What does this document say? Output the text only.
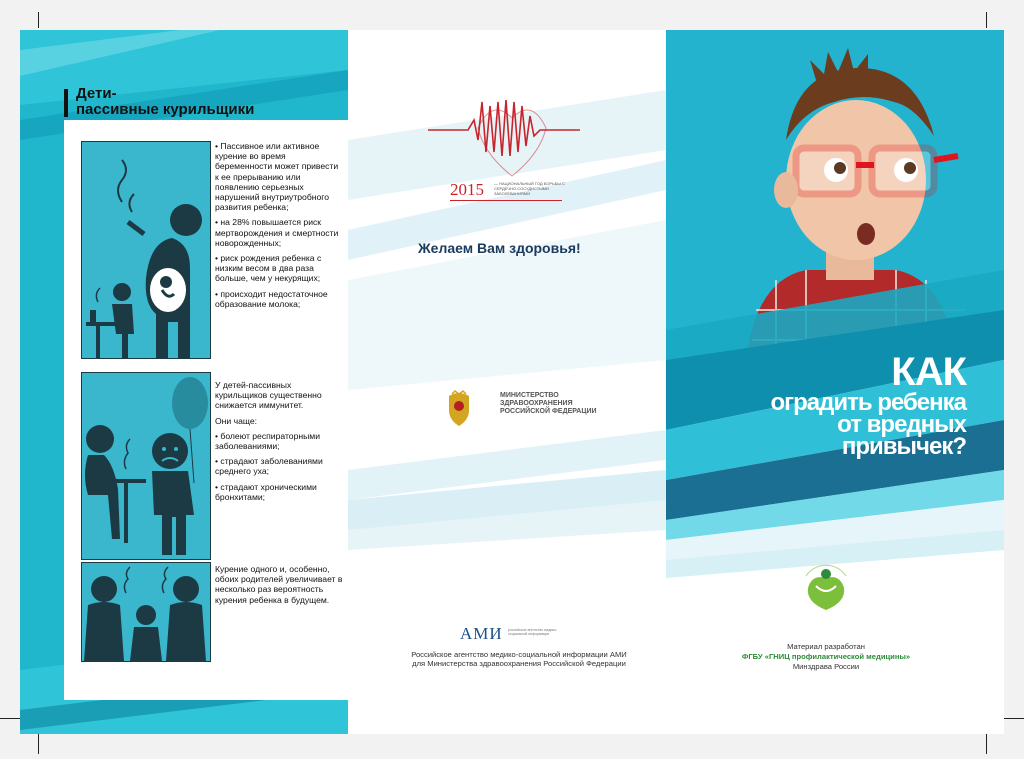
Дети-
пассивные курильщики

• Пассивное или активное курение во время беременности может привести к ее прерыванию или появлению серьезных нарушений внутриутробного развития ребенка;

• на 28% повышается риск мертворождения и смертности новорожденных;

• риск рождения ребенка с низким весом в два раза больше, чем у некурящих;

• происходит недостаточное образование молока;

У детей-пассивных курильщиков существенно снижается иммунитет.

Они чаще:

• болеют респираторными заболеваниями;

• страдают заболеваниями среднего уха;

• страдают хроническими бронхитами;

Курение одного и, особенно, обоих родителей увеличивает в несколько раз вероятность курения ребенка в будущем.

2015	— НАЦИОНАЛЬНЫЙ ГОД БОРЬБЫ С СЕРДЕЧНО-СОСУДИСТЫМИ ЗАБОЛЕВАНИЯМИ
Желаем Вам здоровья!
МИНИСТЕРСТВО
ЗДРАВООХРАНЕНИЯ
РОССИЙСКОЙ ФЕДЕРАЦИИ
АМИ российское агентство медико-социальной информации
Российское агентство медико-социальной информации АМИ
для Министерства здравоохранения Российской Федерации
КАК
оградить ребенка
от вредных
привычек?
Материал разработан
ФГБУ «ГНИЦ профилактической медицины»
Минздрава России
